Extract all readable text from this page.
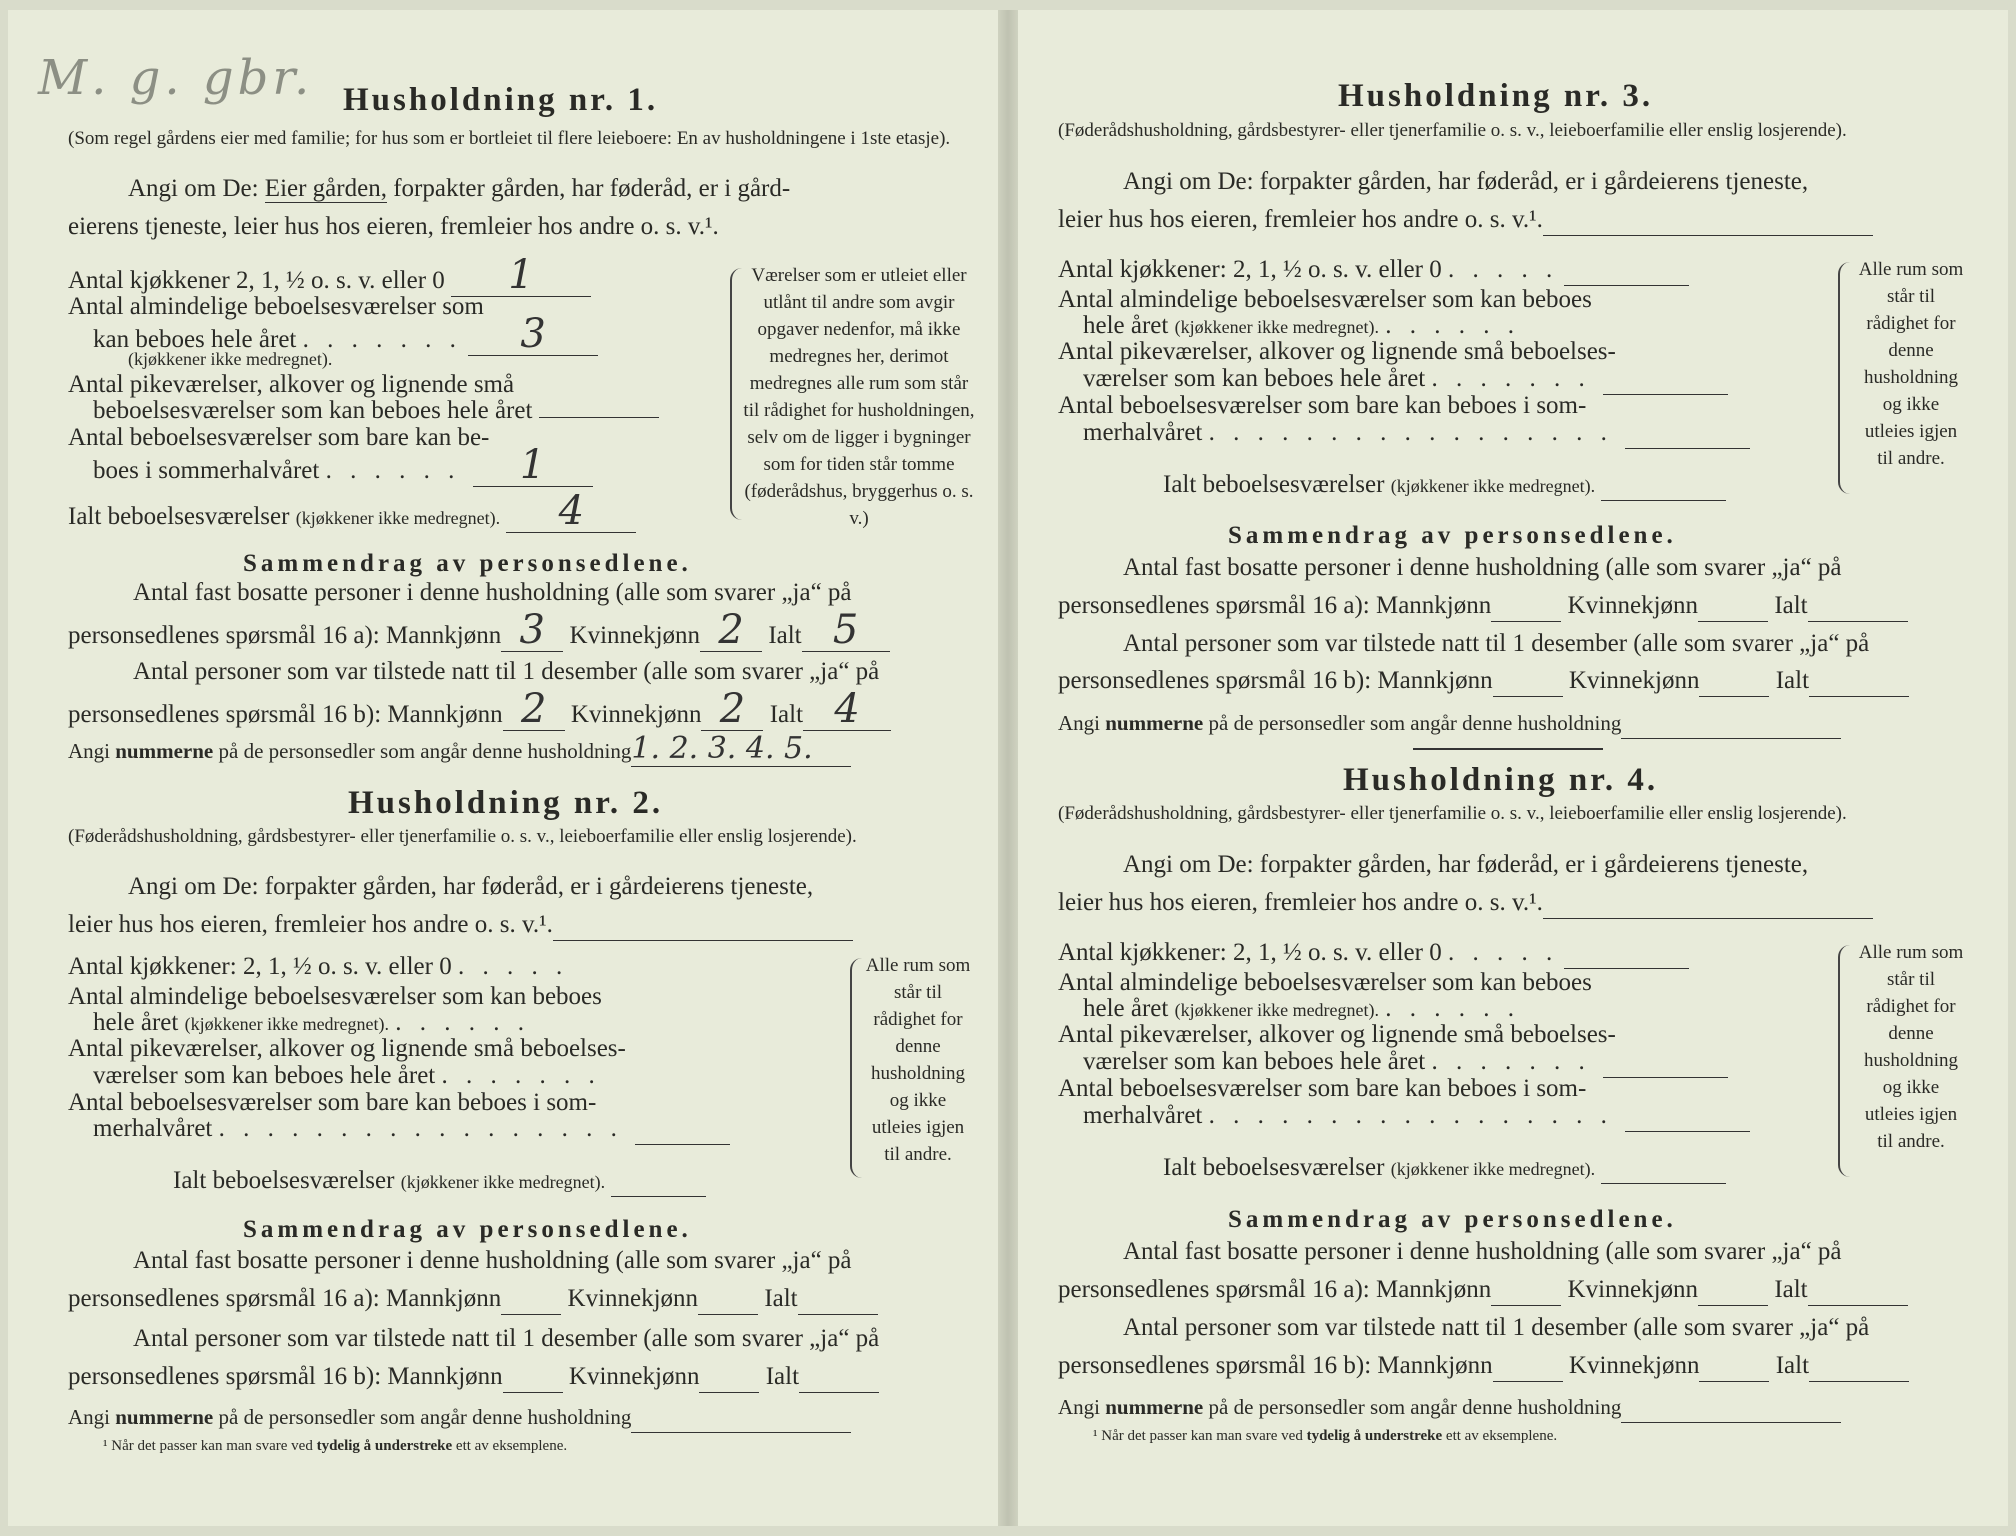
M. g. gbr. Husholdning nr. 1.
(Som regel gårdens eier med familie; for hus som er bortleiet til flere leieboere: En av husholdningene i 1ste etasje).
Angi om De: Eier gården, forpakter gården, har føderåd, er i gård-
eierens tjeneste, leier hus hos eieren, fremleier hos andre o. s. v.¹.
Antal kjøkkener 2, 1, ½ o. s. v. eller 0 1
Antal almindelige beboelsesværelser som
kan beboes hele året . . . . . . . 3
(kjøkkener ikke medregnet).
Antal pikeværelser, alkover og lignende små
beboelsesværelser som kan beboes hele året
Antal beboelsesværelser som bare kan be-
boes i sommerhalvåret . . . . . . 1
Ialt beboelsesværelser (kjøkkener ikke medregnet). 4
Værelser som er utleiet eller utlånt til andre som avgir opgaver nedenfor, må ikke medregnes her, derimot medregnes alle rum som står til rådighet for husholdningen, selv om de ligger i bygninger som for tiden står tomme (føderådshus, bryggerhus o. s. v.)
Sammendrag av personsedlene.
Antal fast bosatte personer i denne husholdning (alle som svarer „ja“ på
personsedlenes spørsmål 16 a): Mannkjønn 3 Kvinnekjønn 2 Ialt 5
Antal personer som var tilstede natt til 1 desember (alle som svarer „ja“ på
personsedlenes spørsmål 16 b): Mannkjønn 2 Kvinnekjønn 2 Ialt 4
Angi nummerne på de personsedler som angår denne husholdning1. 2. 3. 4. 5.
Husholdning nr. 2.
(Føderådshusholdning, gårdsbestyrer- eller tjenerfamilie o. s. v., leieboerfamilie eller enslig losjerende).
Angi om De: forpakter gården, har føderåd, er i gårdeierens tjeneste,
leier hus hos eieren, fremleier hos andre o. s. v.¹.
Antal kjøkkener: 2, 1, ½ o. s. v. eller 0 . . . . .
Antal almindelige beboelsesværelser som kan beboes
hele året (kjøkkener ikke medregnet). . . . . . .
Antal pikeværelser, alkover og lignende små beboelses-
værelser som kan beboes hele året . . . . . . .
Antal beboelsesværelser som bare kan beboes i som-
merhalvåret . . . . . . . . . . . . . . . . .
Ialt beboelsesværelser (kjøkkener ikke medregnet).
Alle rum som står til rådighet for denne husholdning og ikke utleies igjen til andre.
Sammendrag av personsedlene.
Antal fast bosatte personer i denne husholdning (alle som svarer „ja“ på
personsedlenes spørsmål 16 a): Mannkjønn	Kvinnekjønn	Ialt
Antal personer som var tilstede natt til 1 desember (alle som svarer „ja“ på
personsedlenes spørsmål 16 b): Mannkjønn	Kvinnekjønn	Ialt
Angi nummerne på de personsedler som angår denne husholdning
¹ Når det passer kan man svare ved tydelig å understreke ett av eksemplene.
Husholdning nr. 3.
(Føderådshusholdning, gårdsbestyrer- eller tjenerfamilie o. s. v., leieboerfamilie eller enslig losjerende).
Angi om De: forpakter gården, har føderåd, er i gårdeierens tjeneste,
leier hus hos eieren, fremleier hos andre o. s. v.¹.
Antal kjøkkener: 2, 1, ½ o. s. v. eller 0 . . . . .
Antal almindelige beboelsesværelser som kan beboes
hele året (kjøkkener ikke medregnet). . . . . . .
Antal pikeværelser, alkover og lignende små beboelses-
værelser som kan beboes hele året . . . . . . .
Antal beboelsesværelser som bare kan beboes i som-
merhalvåret . . . . . . . . . . . . . . . . .
Ialt beboelsesværelser (kjøkkener ikke medregnet).
Alle rum som står til rådighet for denne husholdning og ikke utleies igjen til andre.
Sammendrag av personsedlene.
Antal fast bosatte personer i denne husholdning (alle som svarer „ja“ på
personsedlenes spørsmål 16 a): Mannkjønn	Kvinnekjønn	Ialt
Antal personer som var tilstede natt til 1 desember (alle som svarer „ja“ på
personsedlenes spørsmål 16 b): Mannkjønn	Kvinnekjønn	Ialt
Angi nummerne på de personsedler som angår denne husholdning
Husholdning nr. 4.
(Føderådshusholdning, gårdsbestyrer- eller tjenerfamilie o. s. v., leieboerfamilie eller enslig losjerende).
Angi om De: forpakter gården, har føderåd, er i gårdeierens tjeneste,
leier hus hos eieren, fremleier hos andre o. s. v.¹.
Antal kjøkkener: 2, 1, ½ o. s. v. eller 0 . . . . .
Antal almindelige beboelsesværelser som kan beboes
hele året (kjøkkener ikke medregnet). . . . . . .
Antal pikeværelser, alkover og lignende små beboelses-
værelser som kan beboes hele året . . . . . . .
Antal beboelsesværelser som bare kan beboes i som-
merhalvåret . . . . . . . . . . . . . . . . .
Ialt beboelsesværelser (kjøkkener ikke medregnet).
Alle rum som står til rådighet for denne husholdning og ikke utleies igjen til andre.
Sammendrag av personsedlene.
Antal fast bosatte personer i denne husholdning (alle som svarer „ja“ på
personsedlenes spørsmål 16 a): Mannkjønn	Kvinnekjønn	Ialt
Antal personer som var tilstede natt til 1 desember (alle som svarer „ja“ på
personsedlenes spørsmål 16 b): Mannkjønn	Kvinnekjønn	Ialt
Angi nummerne på de personsedler som angår denne husholdning
¹ Når det passer kan man svare ved tydelig å understreke ett av eksemplene.
